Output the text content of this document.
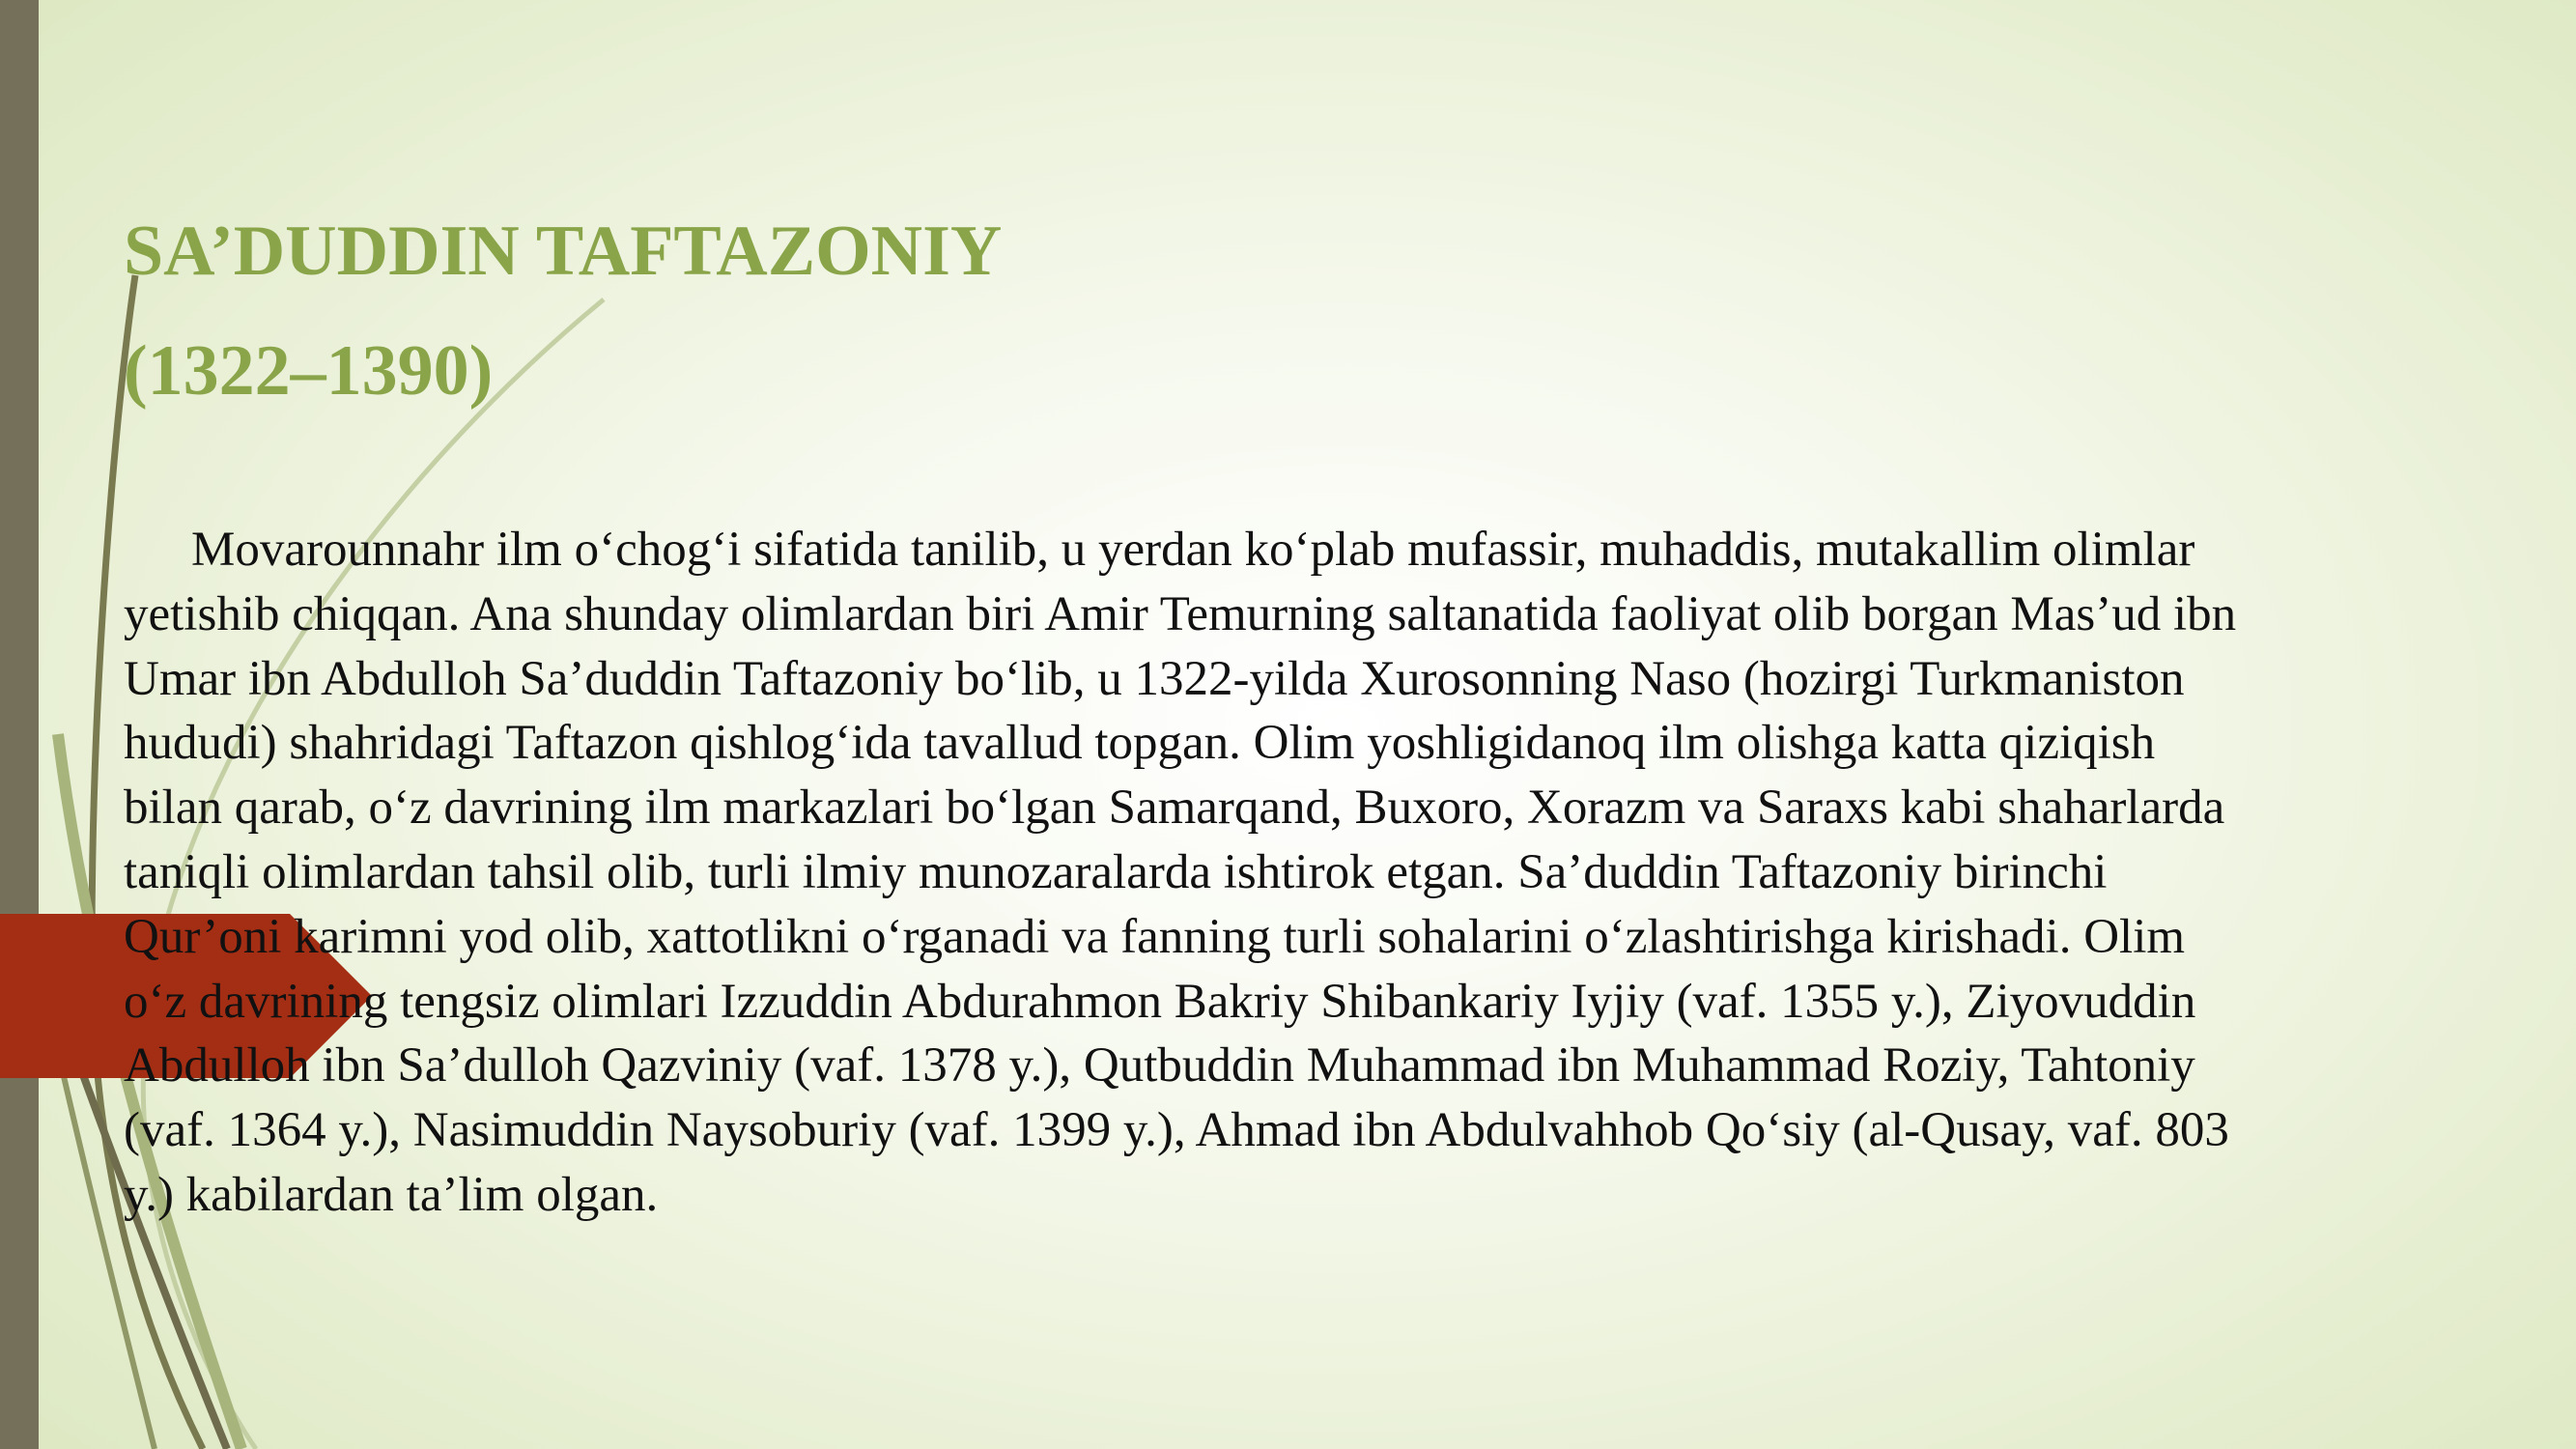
SA’DUDDIN TAFTAZONIY
(1322–1390)

Movarounnahr ilm o‘chog‘i sifatida tanilib, u yerdan ko‘plab mufassir, muhaddis, mutakallim olimlar yetishib chiqqan. Ana shunday olimlardan biri Amir Temurning saltanatida faoliyat olib borgan Mas’ud ibn Umar ibn Abdulloh Sa’duddin Taftazoniy bo‘lib, u 1322-yilda Xurosonning Naso (hozirgi Turkmaniston hududi) shahridagi Taftazon qishlog‘ida tavallud topgan. Olim yoshligidanoq ilm olishga katta qiziqish bilan qarab, o‘z davrining ilm markazlari bo‘lgan Samarqand, Buxoro, Xorazm va Saraxs kabi shaharlarda taniqli olimlardan tahsil olib, turli ilmiy munozaralarda ishtirok etgan. Sa’duddin Taftazoniy birinchi Qur’oni karimni yod olib, xattotlikni o‘rganadi va fanning turli sohalarini o‘zlashtirishga kirishadi. Olim o‘z davrining tengsiz olimlari Izzuddin Abdurahmon Bakriy Shibankariy Iyjiy (vaf. 1355 y.), Ziyovuddin Abdulloh ibn Sa’dulloh Qazviniy (vaf. 1378 y.), Qutbuddin Muhammad ibn Muhammad Roziy, Tahtoniy (vaf. 1364 y.), Nasimuddin Naysoburiy (vaf. 1399 y.), Ahmad ibn Abdulvahhob Qo‘siy (al-Qusay, vaf. 803 y.) kabilardan ta’lim olgan.
